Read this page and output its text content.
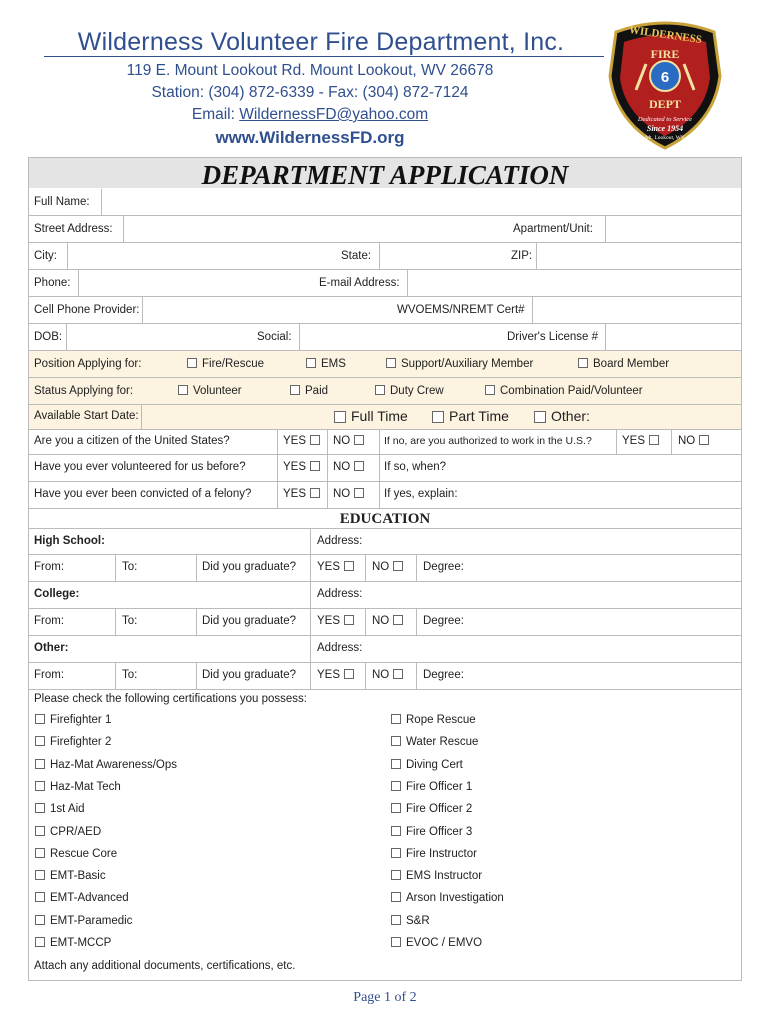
Wilderness Volunteer Fire Department, Inc.
119 E. Mount Lookout Rd. Mount Lookout, WV 26678
Station: (304) 872-6339 - Fax: (304) 872-7124
Email: WildernessFD@yahoo.com
www.WildernessFD.org
WILDERNESS
FIRE
6
DEPT
Dedicated to Service
Since 1954
Mt. Lookout, WV
DEPARTMENT APPLICATION
Full Name:
Street Address:	Apartment/Unit:
City:	State:	ZIP:
Phone:	E-mail Address:
Cell Phone Provider:	WVOEMS/NREMT Cert#
DOB:	Social:	Driver's License #
Position Applying for:	Fire/Rescue	EMS	Support/Auxiliary Member	Board Member
Status Applying for:	Volunteer	Paid	Duty Crew	Combination Paid/Volunteer
Available Start Date:	Full Time	Part Time	Other:
Are you a citizen of the United States?	YES	NO	If no, are you authorized to work in the U.S.?	YES	NO
Have you ever volunteered for us before?	YES	NO	If so, when?
Have you ever been convicted of a felony?	YES	NO	If yes, explain:
EDUCATION
High School:	Address:
From:	To:	Did you graduate? YES	NO	Degree:
College:	Address:
From:	To:	Did you graduate? YES	NO	Degree:
Other:	Address:
From:	To:	Did you graduate? YES	NO	Degree:
Please check the following certifications you possess:
Firefighter 1
Firefighter 2
Haz-Mat Awareness/Ops
Haz-Mat Tech
1st Aid
CPR/AED
Rescue Core
EMT-Basic
EMT-Advanced
EMT-Paramedic
EMT-MCCP
Rope Rescue
Water Rescue
Diving Cert
Fire Officer 1
Fire Officer 2
Fire Officer 3
Fire Instructor
EMS Instructor
Arson Investigation
S&R
EVOC / EMVO
Attach any additional documents, certifications, etc.
Page 1 of 2
